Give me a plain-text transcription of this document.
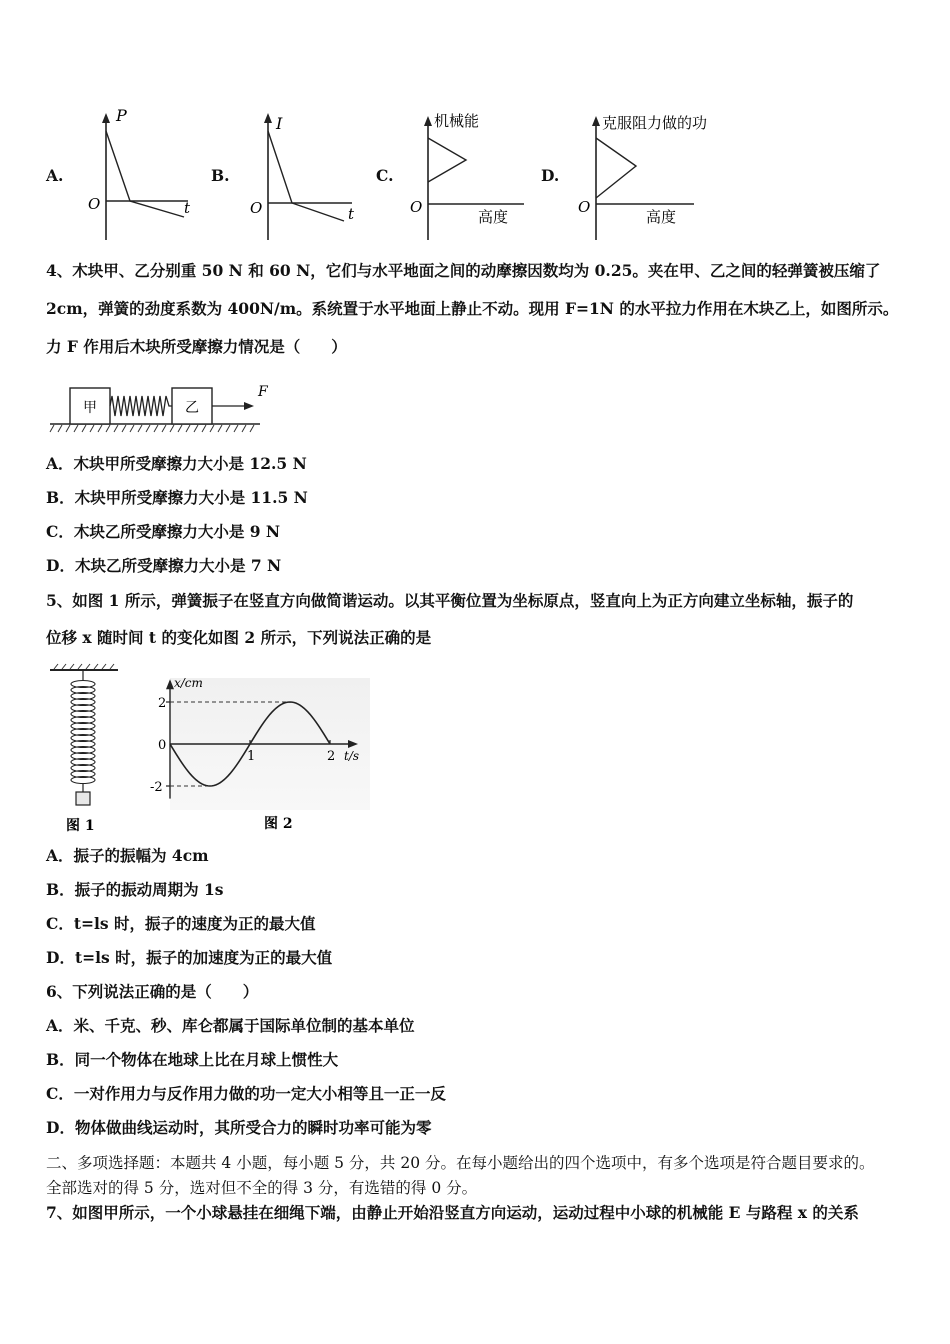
A.
P
O	t
B.
I
O	t
C.
机械能
O
高度
D.
克服阻力做的功
O
高度
4、木块甲、乙分别重 50 N 和 60 N，它们与水平地面之间的动摩擦因数均为 0.25。夹在甲、乙之间的轻弹簧被压缩了
2cm，弹簧的劲度系数为 400N/m。系统置于水平地面上静止不动。现用 F=1N 的水平拉力作用在木块乙上，如图所示。
力 F 作用后木块所受摩擦力情况是（　　）
甲	乙
F
A．木块甲所受摩擦力大小是 12.5 N
B．木块甲所受摩擦力大小是 11.5 N
C．木块乙所受摩擦力大小是 9 N
D．木块乙所受摩擦力大小是 7 N
5、如图 1 所示，弹簧振子在竖直方向做简谐运动。以其平衡位置为坐标原点，竖直向上为正方向建立坐标轴，振子的
位移 x 随时间 t 的变化如图 2 所示，下列说法正确的是
图 1
x/cm
t/s
2
0
-2
1	2
图 2
A．振子的振幅为 4cm
B．振子的振动周期为 1s
C．t=ls 时，振子的速度为正的最大值
D．t=ls 时，振子的加速度为正的最大值
6、下列说法正确的是（　　）
A．米、千克、秒、库仑都属于国际单位制的基本单位
B．同一个物体在地球上比在月球上惯性大
C．一对作用力与反作用力做的功一定大小相等且一正一反
D．物体做曲线运动时，其所受合力的瞬时功率可能为零
二、多项选择题：本题共 4 小题，每小题 5 分，共 20 分。在每小题给出的四个选项中，有多个选项是符合题目要求的。
全部选对的得 5 分，选对但不全的得 3 分，有选错的得 0 分。
7、如图甲所示，一个小球悬挂在细绳下端，由静止开始沿竖直方向运动，运动过程中小球的机械能 E 与路程 x 的关系
